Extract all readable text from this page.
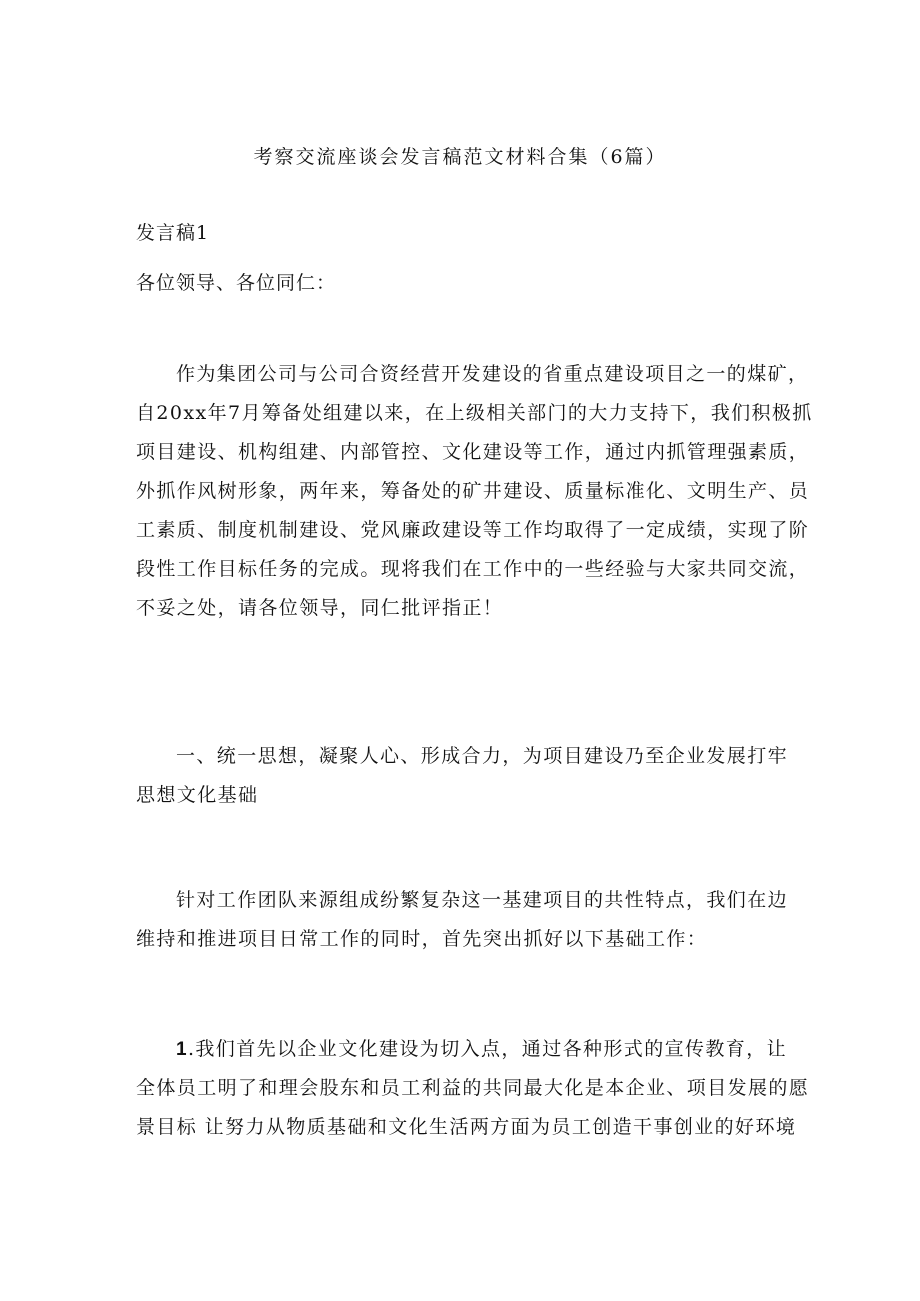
考察交流座谈会发言稿范文材料合集（6篇）
发言稿1
各位领导、各位同仁：

作为集团公司与公司合资经营开发建设的省重点建设项目之一的煤矿，

自20xx年7月筹备处组建以来，在上级相关部门的大力支持下，我们积极抓

项目建设、机构组建、内部管控、文化建设等工作，通过内抓管理强素质，

外抓作风树形象，两年来，筹备处的矿井建设、质量标准化、文明生产、员

工素质、制度机制建设、党风廉政建设等工作均取得了一定成绩，实现了阶

段性工作目标任务的完成。现将我们在工作中的一些经验与大家共同交流，

不妥之处，请各位领导，同仁批评指正！

一、统一思想，凝聚人心、形成合力，为项目建设乃至企业发展打牢

思想文化基础

针对工作团队来源组成纷繁复杂这一基建项目的共性特点，我们在边

维持和推进项目日常工作的同时，首先突出抓好以下基础工作：

1.我们首先以企业文化建设为切入点，通过各种形式的宣传教育，让

全体员工明了和理会股东和员工利益的共同最大化是本企业、项目发展的愿

景目标 让努力从物质基础和文化生活两方面为员工创造干事创业的好环境
